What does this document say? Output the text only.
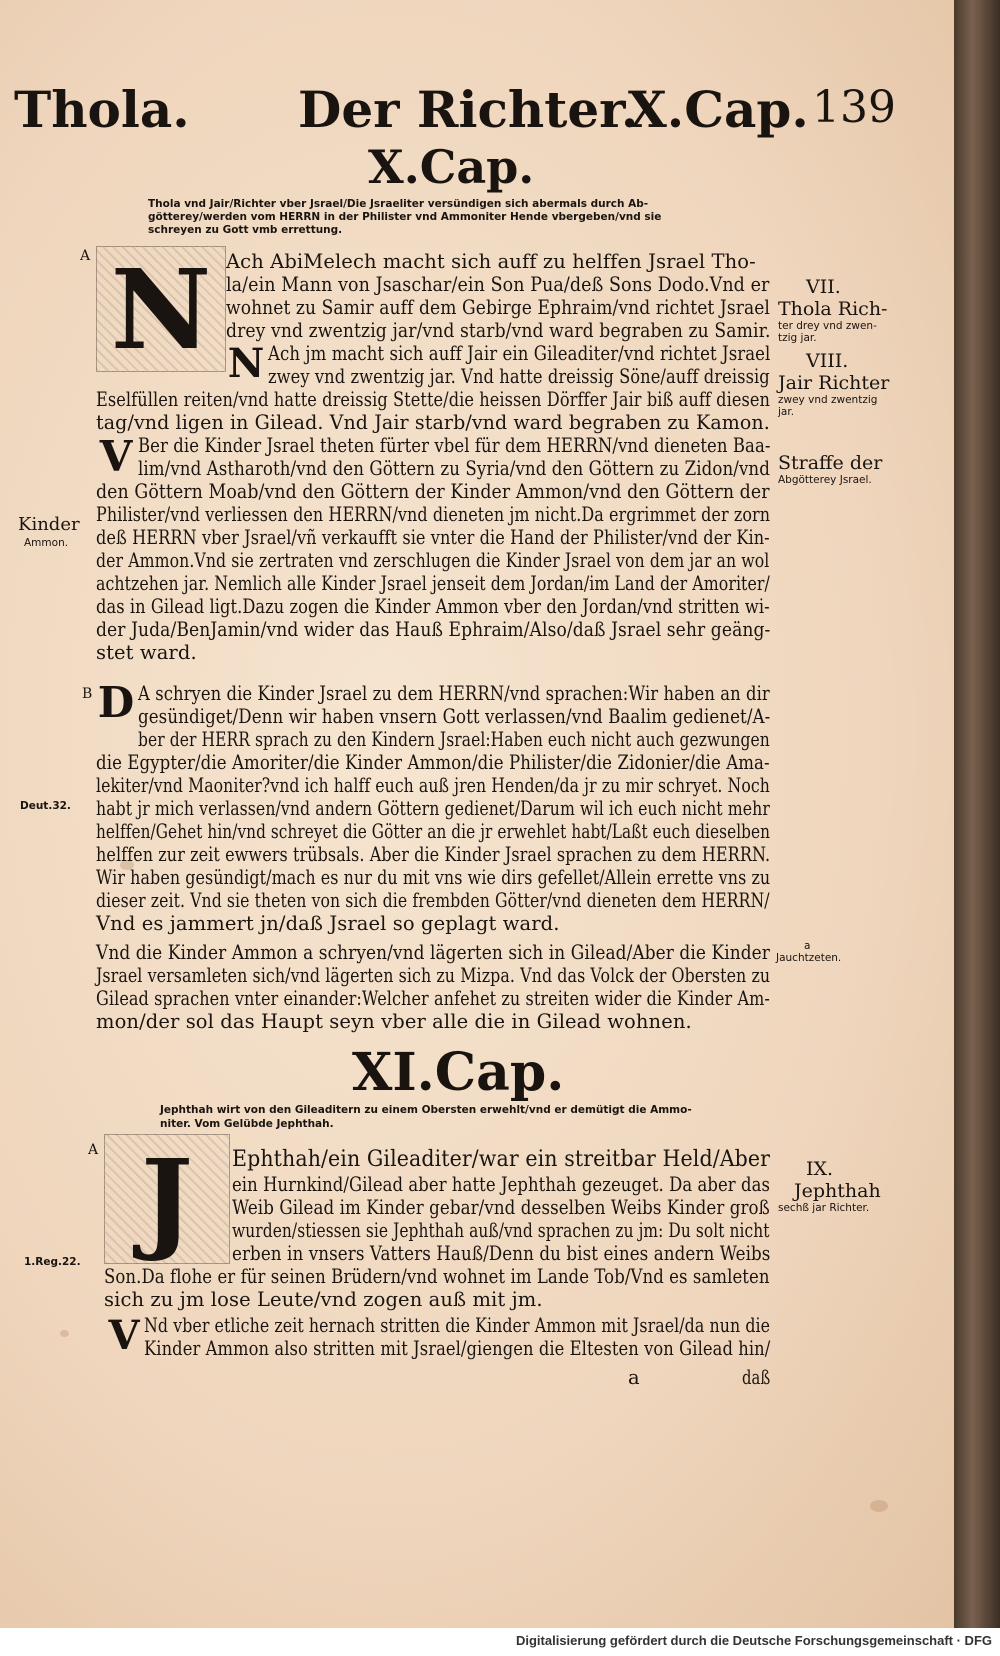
Thola. Der Richter.
X.Cap. 139
X.Cap.
Thola vnd Jair/Richter vber Jsrael/Die Jsraeliter versündigen sich abermals durch Ab-
götterey/werden vom HERRN in der Philister vnd Ammoniter Hende vbergeben/vnd sie
schreyen zu Gott vmb errettung.
A N Ach AbiMelech macht sich auff zu helffen Jsrael Tho-
la/ein Mann von Jsaschar/ein Son Pua/deß Sons Dodo.Vnd er
wohnet zu Samir auff dem Gebirge Ephraim/vnd richtet Jsrael
drey vnd zwentzig jar/vnd starb/vnd ward begraben zu Samir.
N Ach jm macht sich auff Jair ein Gileaditer/vnd richtet Jsrael
zwey vnd zwentzig jar. Vnd hatte dreissig Söne/auff dreissig
Eselfüllen reiten/vnd hatte dreissig Stette/die heissen Dörffer Jair biß auff diesen
tag/vnd ligen in Gilead. Vnd Jair starb/vnd ward begraben zu Kamon.
V Ber die Kinder Jsrael theten fürter vbel für dem HERRN/vnd dieneten Baa-
lim/vnd Astharoth/vnd den Göttern zu Syria/vnd den Göttern zu Zidon/vnd
den Göttern Moab/vnd den Göttern der Kinder Ammon/vnd den Göttern der
Philister/vnd verliessen den HERRN/vnd dieneten jm nicht.Da ergrimmet der zorn
deß HERRN vber Jsrael/vñ verkaufft sie vnter die Hand der Philister/vnd der Kin-
der Ammon.Vnd sie zertraten vnd zerschlugen die Kinder Jsrael von dem jar an wol
achtzehen jar. Nemlich alle Kinder Jsrael jenseit dem Jordan/im Land der Amoriter/
das in Gilead ligt.Dazu zogen die Kinder Ammon vber den Jordan/vnd stritten wi-
der Juda/BenJamin/vnd wider das Hauß Ephraim/Also/daß Jsrael sehr geäng-
stet ward.
B D A schryen die Kinder Jsrael zu dem HERRN/vnd sprachen:Wir haben an dir
gesündiget/Denn wir haben vnsern Gott verlassen/vnd Baalim gedienet/A-
ber der HERR sprach zu den Kindern Jsrael:Haben euch nicht auch gezwungen
die Egypter/die Amoriter/die Kinder Ammon/die Philister/die Zidonier/die Ama-
lekiter/vnd Maoniter?vnd ich halff euch auß jren Henden/da jr zu mir schryet. Noch
habt jr mich verlassen/vnd andern Göttern gedienet/Darum wil ich euch nicht mehr
helffen/Gehet hin/vnd schreyet die Götter an die jr erwehlet habt/Laßt euch dieselben
helffen zur zeit ewwers trübsals. Aber die Kinder Jsrael sprachen zu dem HERRN.
Wir haben gesündigt/mach es nur du mit vns wie dirs gefellet/Allein errette vns zu
dieser zeit. Vnd sie theten von sich die frembden Götter/vnd dieneten dem HERRN/
Vnd es jammert jn/daß Jsrael so geplagt ward.
Vnd die Kinder Ammon a schryen/vnd lägerten sich in Gilead/Aber die Kinder
Jsrael versamleten sich/vnd lägerten sich zu Mizpa. Vnd das Volck der Obersten zu
Gilead sprachen vnter einander:Welcher anfehet zu streiten wider die Kinder Am-
mon/der sol das Haupt seyn vber alle die in Gilead wohnen.
XI.Cap.
Jephthah wirt von den Gileaditern zu einem Obersten erwehlt/vnd er demütigt die Ammo-
niter. Vom Gelübde Jephthah.
A J	Ephthah/ein Gileaditer/war ein streitbar Held/Aber
ein Hurnkind/Gilead aber hatte Jephthah gezeuget. Da aber das
Weib Gilead im Kinder gebar/vnd desselben Weibs Kinder groß
wurden/stiessen sie Jephthah auß/vnd sprachen zu jm: Du solt nicht
erben in vnsers Vatters Hauß/Denn du bist eines andern Weibs
Son.Da flohe er für seinen Brüdern/vnd wohnet im Lande Tob/Vnd es samleten
sich zu jm lose Leute/vnd zogen auß mit jm.
V Nd vber etliche zeit hernach stritten die Kinder Ammon mit Jsrael/da nun die
Kinder Ammon also stritten mit Jsrael/giengen die Eltesten von Gilead hin/
a	daß
VII.
Thola Rich-
ter drey vnd zwen-
tzig jar.
VIII.
Jair Richter
zwey vnd zwentzig
jar.
Straffe der
Abgötterey Jsrael.
a
Jauchtzeten.
IX.
Jephthah
sechß jar Richter.
Kinder
Ammon.
Deut.32.
1.Reg.22.
Digitalisierung gefördert durch die Deutsche Forschungsgemeinschaft · DFG
